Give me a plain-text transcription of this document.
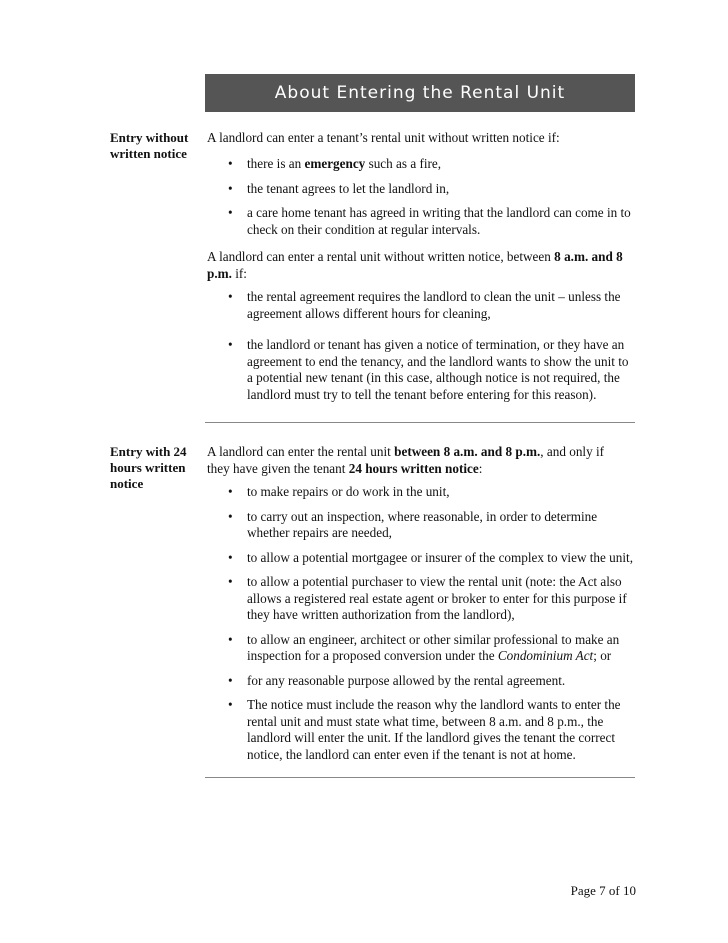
About Entering the Rental Unit
Entry without
written notice
A landlord can enter a tenant’s rental unit without written notice if:
• there is an emergency such as a fire,
• the tenant agrees to let the landlord in,
• a care home tenant has agreed in writing that the landlord can come in to check on their condition at regular intervals.
A landlord can enter a rental unit without written notice, between 8 a.m. and 8 p.m. if:
• the rental agreement requires the landlord to clean the unit – unless the agreement allows different hours for cleaning,
• the landlord or tenant has given a notice of termination, or they have an agreement to end the tenancy, and the landlord wants to show the unit to a potential new tenant (in this case, although notice is not required, the landlord must try to tell the tenant before entering for this reason).
Entry with 24
hours written
notice
A landlord can enter the rental unit between 8 a.m. and 8 p.m., and only if they have given the tenant 24 hours written notice:
• to make repairs or do work in the unit,
• to carry out an inspection, where reasonable, in order to determine whether repairs are needed,
• to allow a potential mortgagee or insurer of the complex to view the unit,
• to allow a potential purchaser to view the rental unit (note: the Act also allows a registered real estate agent or broker to enter for this purpose if they have written authorization from the landlord),
• to allow an engineer, architect or other similar professional to make an inspection for a proposed conversion under the Condominium Act; or
• for any reasonable purpose allowed by the rental agreement.
• The notice must include the reason why the landlord wants to enter the rental unit and must state what time, between 8 a.m. and 8 p.m., the landlord will enter the unit. If the landlord gives the tenant the correct notice, the landlord can enter even if the tenant is not at home.
Page 7 of 10
